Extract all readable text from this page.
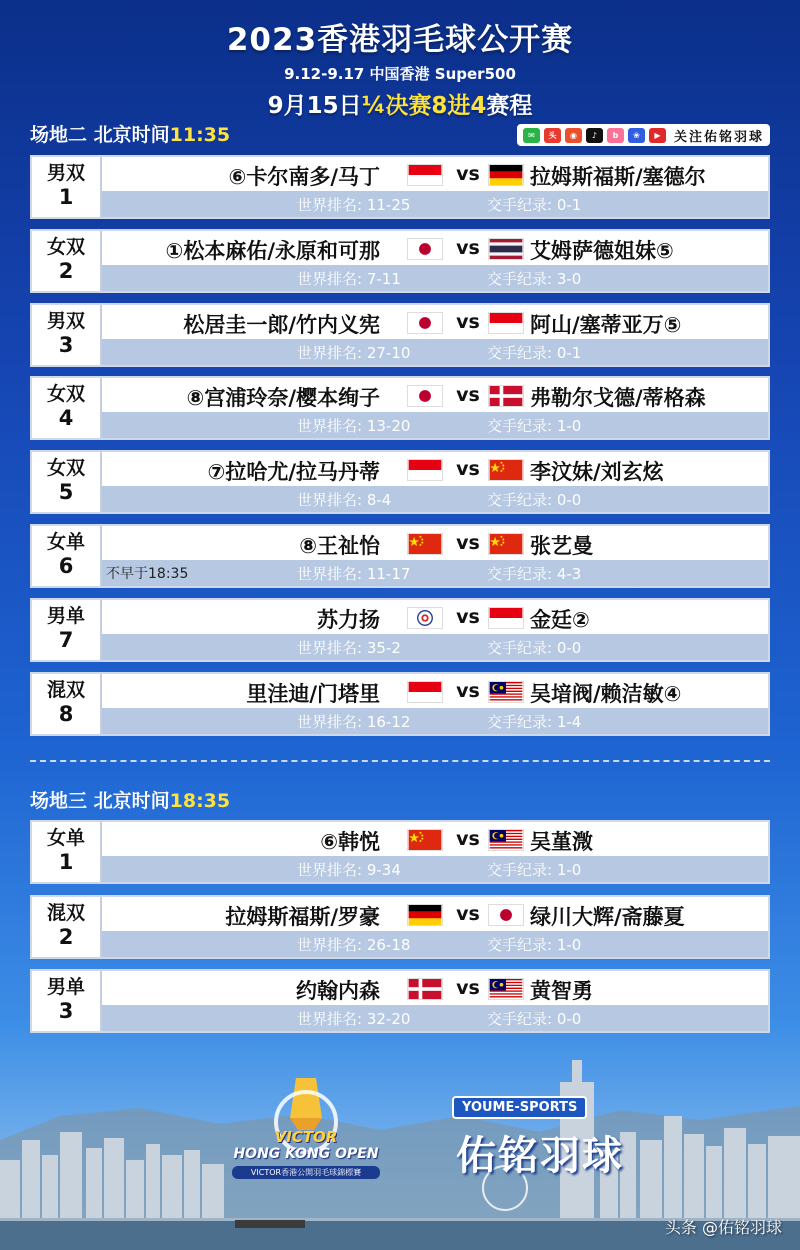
2023香港羽毛球公开赛
9.12-9.17 中国香港 Super500
9月15日¼决赛8进4赛程
场地二 北京时间11:35	✉	头	◉	♪	b	❀	▶	关注佑铭羽球
男双
1
⑥卡尔南多/马丁	vs	拉姆斯福斯/塞德尔
世界排名: 11-25	交手纪录: 0-1
女双
2
①松本麻佑/永原和可那	vs	艾姆萨德姐妹⑤
世界排名: 7-11	交手纪录: 3-0
男双
3
松居圭一郎/竹内义宪	vs	阿山/塞蒂亚万⑤
世界排名: 27-10	交手纪录: 0-1
女双
4
⑧宫浦玲奈/樱本绚子	vs	弗勒尔戈德/蒂格森
世界排名: 13-20	交手纪录: 1-0
女双
5
⑦拉哈尤/拉马丹蒂	vs	李汶妹/刘玄炫
世界排名: 8-4	交手纪录: 0-0
女单
6
⑧王祉怡	vs	张艺曼
不早于18:35	世界排名: 11-17	交手纪录: 4-3
男单
7
苏力扬	vs	金廷②
世界排名: 35-2	交手纪录: 0-0
混双
8
里洼迪/门塔里	vs	吴堷阀/赖洁敏④
世界排名: 16-12	交手纪录: 1-4
场地三 北京时间18:35
女单
1
⑥韩悦	vs	吴堇溦
世界排名: 9-34	交手纪录: 1-0
混双
2
拉姆斯福斯/罗豪	vs	绿川大辉/斋藤夏
世界排名: 26-18	交手纪录: 1-0
男单
3
约翰内森	vs	黄智勇
世界排名: 32-20	交手纪录: 0-0
VICTOR
HONG KONG OPEN
VICTOR香港公開羽毛球錦標賽
YOUME-SPORTS
佑铭羽球
头条 @佑铭羽球
